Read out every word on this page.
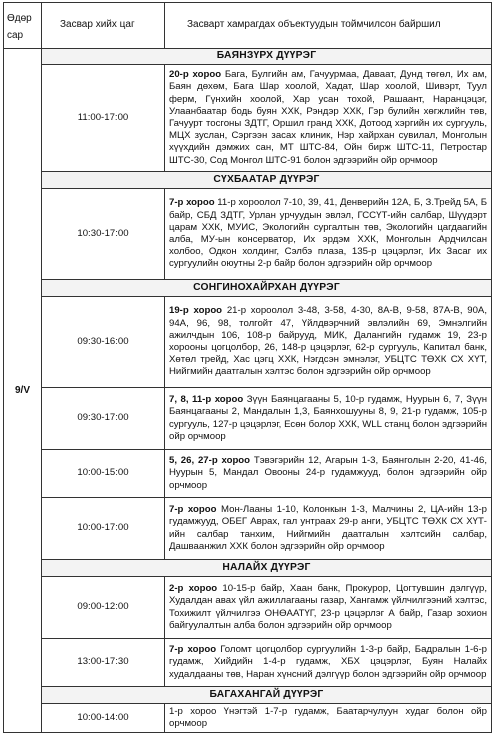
Өдөр
сар	Засвар хийх цаг	Засварт хамрагдах объектуудын тоймчилсон байршил
9/V	БАЯНЗҮРХ ДҮҮРЭГ	
	11:00-17:00	20-р хороо Бага, Булгийн ам, Гачуурмаа, Даваат, Дунд төгөл, Их ам, Баян дөхөм, Бага Шар хоолой, Хадат, Шар хоолой, Шивэрт, Туул ферм, Гүнхийн хоолой, Хар усан тохой, Рашаант, Наранцэцэг, Улаанбаатар бодь буян ХХК, Рэндэр ХХК, Гэр булийн хөгжлийн төв, Гачуурт тосгоны ЗДТГ, Оршил гранд ХХК, Дотоод хэргийн их сургууль, МЦХ зуслан, Сэргээн засах клиник, Нэр хайрхан сувилал, Монголын хүүхдийн дэмжих сан, МТ ШТС-84, Ойн бирж ШТС-11, Петростар ШТС-30, Сод Монгол ШТС-91 болон эдгээрийн ойр орчмоор
	СҮХБААТАР ДҮҮРЭГ	
	10:30-17:00	7-р хороо 11-р хороолол 7-10, 39, 41, Денверийн 12А, Б, З.Трейд 5А, Б байр, СБД ЗДТГ, Урлан урчуудын эвлэл, ГССҮТ-ийн салбар, Шүүдэрт царам ХХК, МУИС, Экологийн сургалтын төв, Экологийн цагдаагийн алба, МУ-ын консерватор, Их эрдэм ХХК, Монголын Ардчилсан холбоо, Одкон холдинг, Сэлбэ плаза, 135-р цэцэрлэг, Их Засаг их сургуулийн оюутны 2-р байр болон эдгээрийн ойр орчмоор
	СОНГИНОХАЙРХАН ДҮҮРЭГ	
	09:30-16:00	19-р хороо 21-р хороолол 3-48, 3-58, 4-30, 8А-В, 9-58, 87А-В, 90А, 94А, 96, 98, толгойт 47, Үйлдвэрчний эвлэлийн 69, Эмнэлгийн ажилчдын 106, 108-р байрууд, МИК, Далангийн гудамж 19, 23-р хорооны цогцолбор, 26, 148-р цэцэрлэг, 62-р сургууль, Капитал банк, Хөтөл трейд, Хас цэгц ХХК, Нэгдсэн эмнэлэг, УБЦТС ТӨХК СХ ХҮТ, Нийгмийн даатгалын хэлтэс болон эдгээрийн ойр орчмоор
	09:30-17:00	7, 8, 11-р хороо Зүүн Баянцагааны 5, 10-р гудамж, Нуурын 6, 7, Зүүн Баянцагааны 2, Мандалын 1,3, Баянхошууны 8, 9, 21-р гудамж, 105-р сургууль, 127-р цэцэрлэг, Есөн болор ХХК, WLL станц болон эдгээрийн ойр орчмоор
	10:00-15:00	5, 26, 27-р хороо Тэвэгэрийн 12, Агарын 1-3, Баянголын 2-20, 41-46, Нуурын 5, Мандал Овооны 24-р гудамжууд, болон эдгээрийн ойр орчмоор
	10:00-17:00	7-р хороо Мон-Лааны 1-10, Колонкын 1-3, Малчины 2, ЦА-ийн 13-р гудамжууд, ОБЕГ Аврах, гал унтрааx 29-р анги, УБЦТС ТӨХК СХ ХҮТ-ийн салбар танхим, Нийгмийн даатгалын хэлтсийн салбар, Дашваанжил ХХК болон эдгээрийн ойр орчмоор
	НАЛАЙХ ДҮҮРЭГ	
	09:00-12:00	2-р хороо 10-15-р байр, Хаан банк, Прокурор, Цогтувшин дэлгүүр, Худалдан авах үйл ажиллагааны газар, Хангамж үйлчилгээний хэлтэс, Тохижилт үйлчилгээ ОНӨААТҮГ, 23-р цэцэрлэг А байр, Газар зохион байгуулалтын алба болон эдгээрийн ойр орчмоор
	13:00-17:30	7-р хороо Голомт цогцолбор сургуулийн 1-3-р байр, Бадралын 1-6-р гудамж, Хийдийн 1-4-р гудамж, ХБХ цэцэрлэг, Буян Налайх худалдааны төв, Наран хүнсний дэлгүүр болон эдгээрийн ойр орчмоор
	БАГАХАНГАЙ ДҮҮРЭГ	
	10:00-14:00	1-р хороо Үнэгтэй 1-7-р гудамж, Баатарчулуун худаг болон ойр орчмоор
